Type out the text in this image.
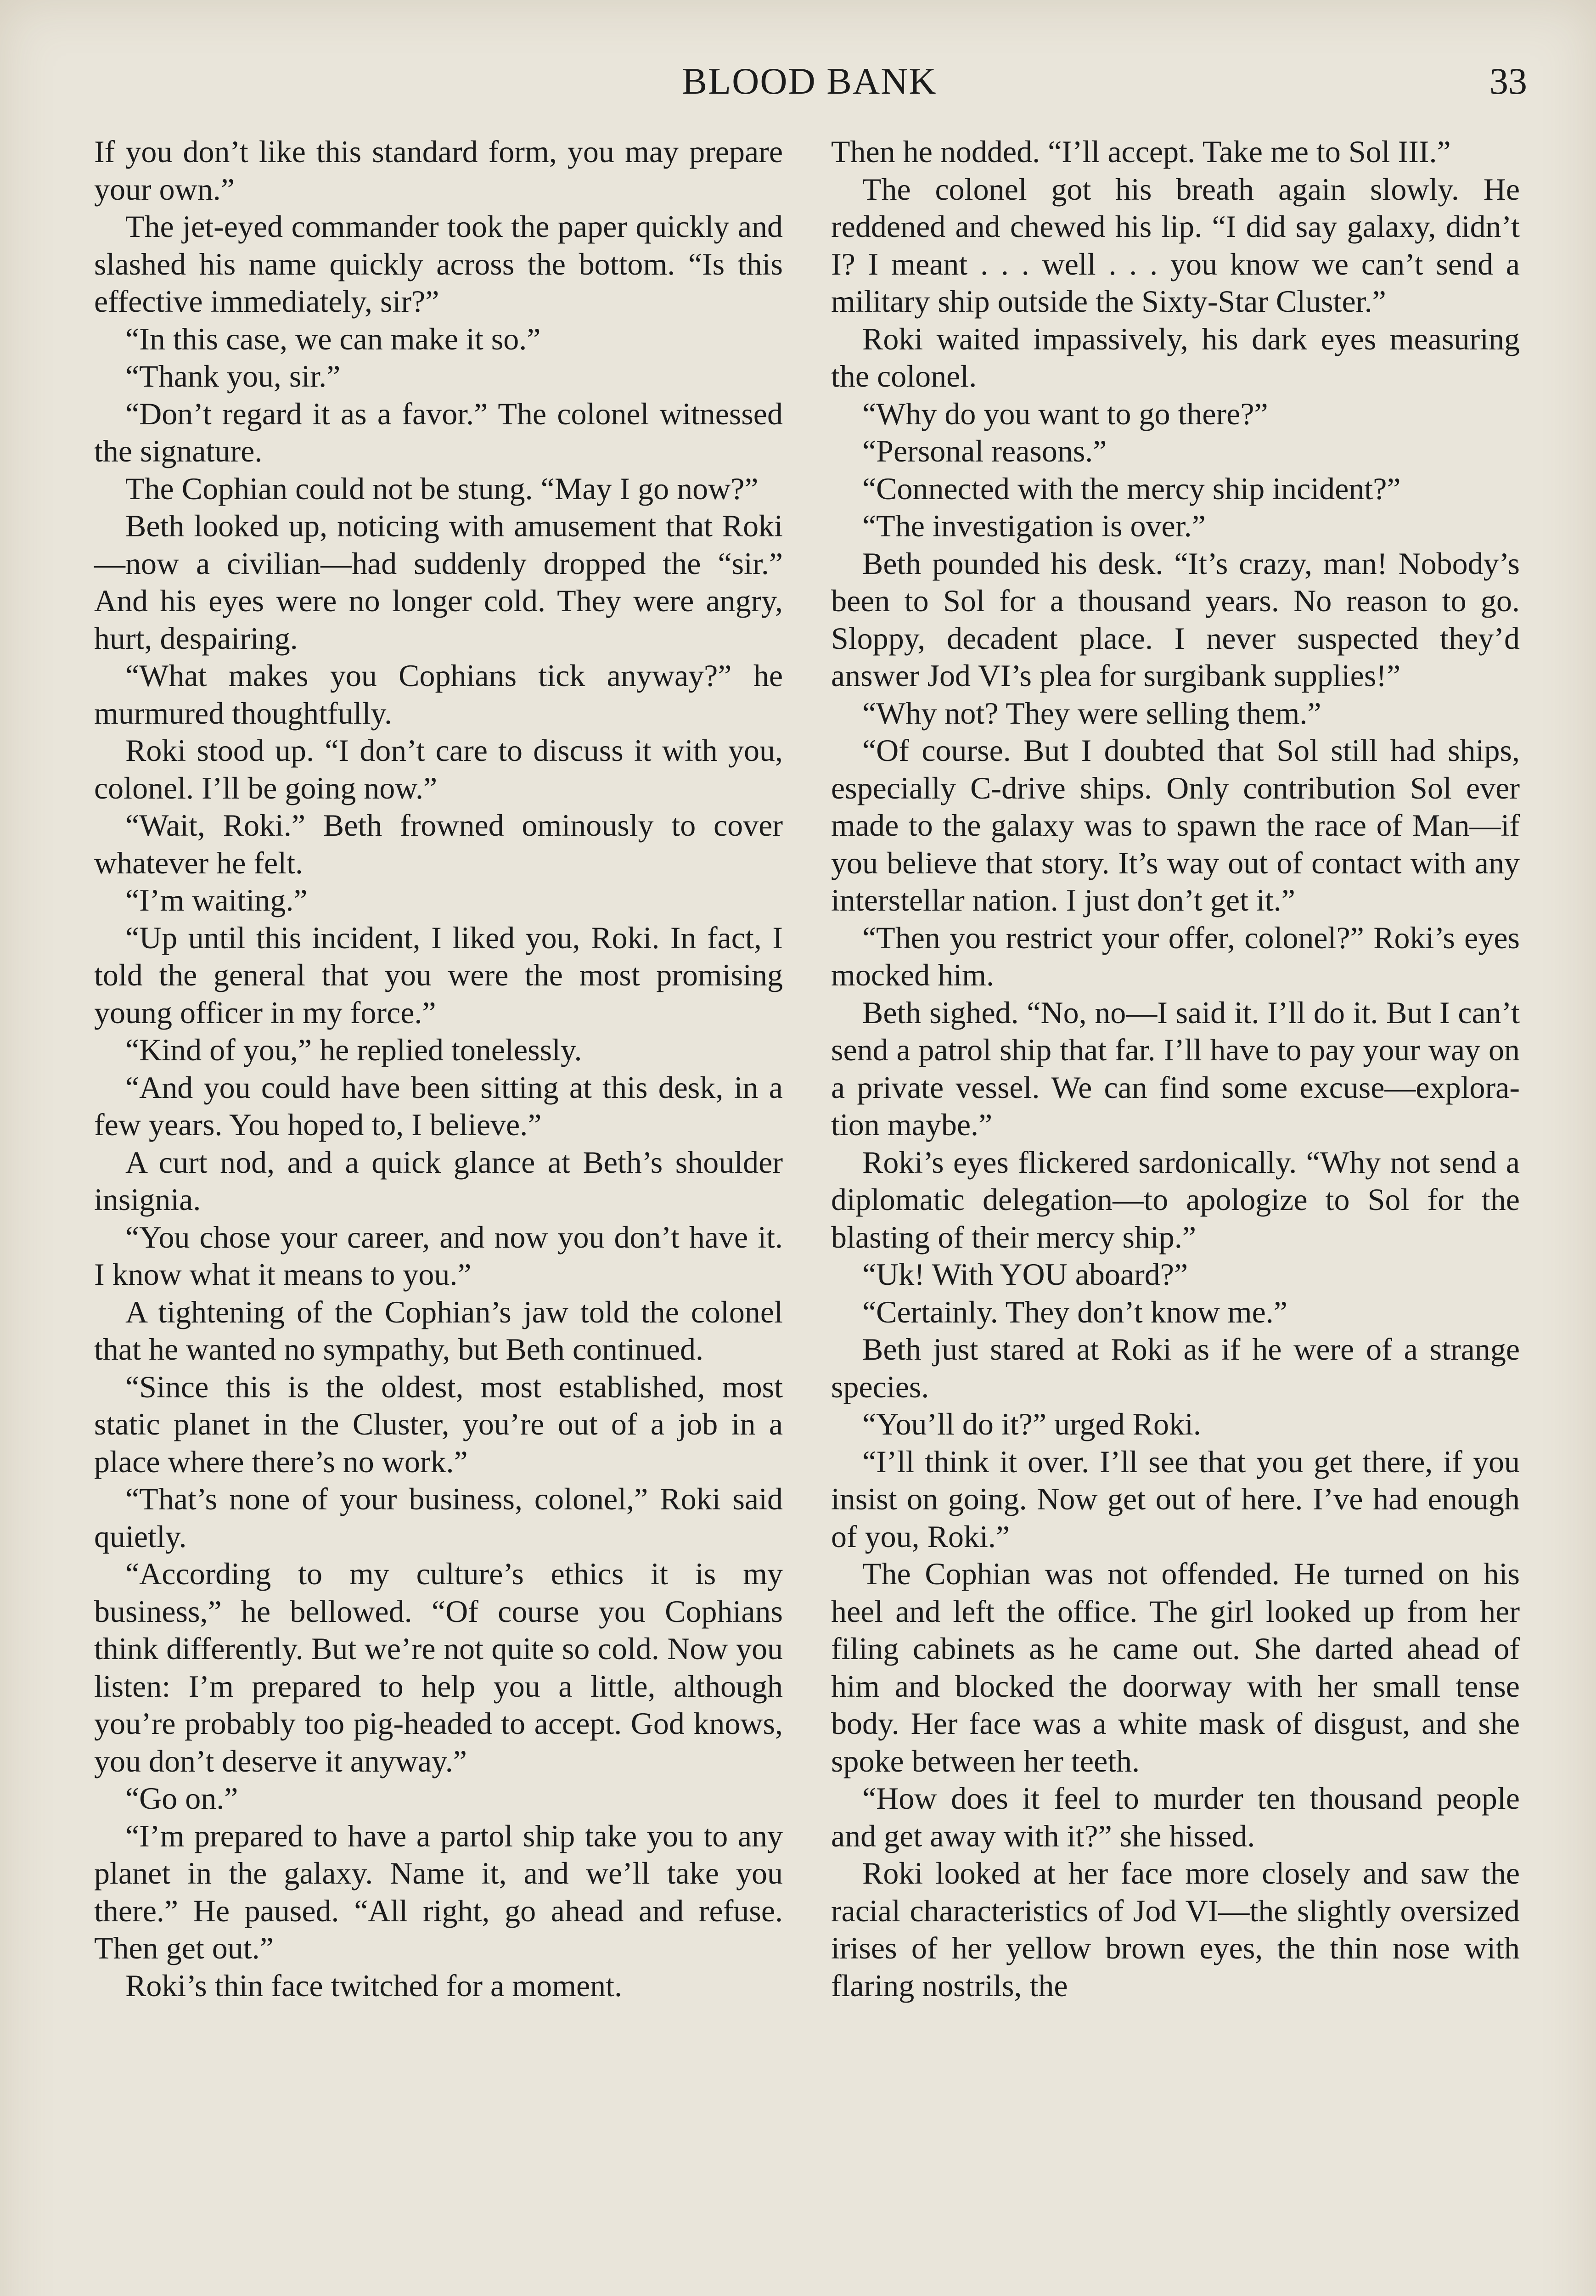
BLOOD BANK	33

If you don’t like this standard form, you may prepare your own.”

The jet-eyed commander took the paper quickly and slashed his name quickly across the bottom. “Is this effective immediately, sir?”

“In this case, we can make it so.”

“Thank you, sir.”

“Don’t regard it as a favor.” The colonel witnessed the signature.

The Cophian could not be stung. “May I go now?”

Beth looked up, noticing with amusement that Roki—now a civilian—had suddenly dropped the “sir.” And his eyes were no longer cold. They were angry, hurt, despairing.

“What makes you Cophians tick anyway?” he murmured thoughtfully.

Roki stood up. “I don’t care to discuss it with you, colonel. I’ll be going now.”

“Wait, Roki.” Beth frowned ominously to cover whatever he felt.

“I’m waiting.”

“Up until this incident, I liked you, Roki. In fact, I told the general that you were the most promising young officer in my force.”

“Kind of you,” he replied tonelessly.

“And you could have been sitting at this desk, in a few years. You hoped to, I believe.”

A curt nod, and a quick glance at Beth’s shoulder insignia.

“You chose your career, and now you don’t have it. I know what it means to you.”

A tightening of the Cophian’s jaw told the colonel that he wanted no sympathy, but Beth continued.

“Since this is the oldest, most established, most static planet in the Cluster, you’re out of a job in a place where there’s no work.”

“That’s none of your business, colonel,” Roki said quietly.

“According to my culture’s ethics it is my business,” he bellowed. “Of course you Cophians think differently. But we’re not quite so cold. Now you listen: I’m prepared to help you a little, although you’re probably too pig-headed to accept. God knows, you don’t deserve it anyway.”

“Go on.”

“I’m prepared to have a partol ship take you to any planet in the galaxy. Name it, and we’ll take you there.” He paused. “All right, go ahead and refuse. Then get out.”

Roki’s thin face twitched for a moment.

Then he nodded. “I’ll accept. Take me to Sol III.”

The colonel got his breath again slowly. He reddened and chewed his lip. “I did say galaxy, didn’t I? I meant . . . well . . . you know we can’t send a military ship outside the Sixty-Star Cluster.”

Roki waited impassively, his dark eyes measuring the colonel.

“Why do you want to go there?”

“Personal reasons.”

“Connected with the mercy ship incident?”

“The investigation is over.”

Beth pounded his desk. “It’s crazy, man! Nobody’s been to Sol for a thousand years. No reason to go. Sloppy, decadent place. I never suspected they’d answer Jod VI’s plea for surgibank supplies!”

“Why not? They were selling them.”

“Of course. But I doubted that Sol still had ships, especially C-drive ships. Only contribution Sol ever made to the galaxy was to spawn the race of Man—if you believe that story. It’s way out of contact with any interstellar nation. I just don’t get it.”

“Then you restrict your offer, colonel?” Roki’s eyes mocked him.

Beth sighed. “No, no—I said it. I’ll do it. But I can’t send a patrol ship that far. I’ll have to pay your way on a private vessel. We can find some excuse—exploration maybe.”

Roki’s eyes flickered sardonically. “Why not send a diplomatic delegation—to apologize to Sol for the blasting of their mercy ship.”

“Uk! With YOU aboard?”

“Certainly. They don’t know me.”

Beth just stared at Roki as if he were of a strange species.

“You’ll do it?” urged Roki.

“I’ll think it over. I’ll see that you get there, if you insist on going. Now get out of here. I’ve had enough of you, Roki.”

The Cophian was not offended. He turned on his heel and left the office. The girl looked up from her filing cabinets as he came out. She darted ahead of him and blocked the doorway with her small tense body. Her face was a white mask of disgust, and she spoke between her teeth.

“How does it feel to murder ten thousand people and get away with it?” she hissed.

Roki looked at her face more closely and saw the racial characteristics of Jod VI—the slightly oversized irises of her yellow brown eyes, the thin nose with flaring nostrils, the
